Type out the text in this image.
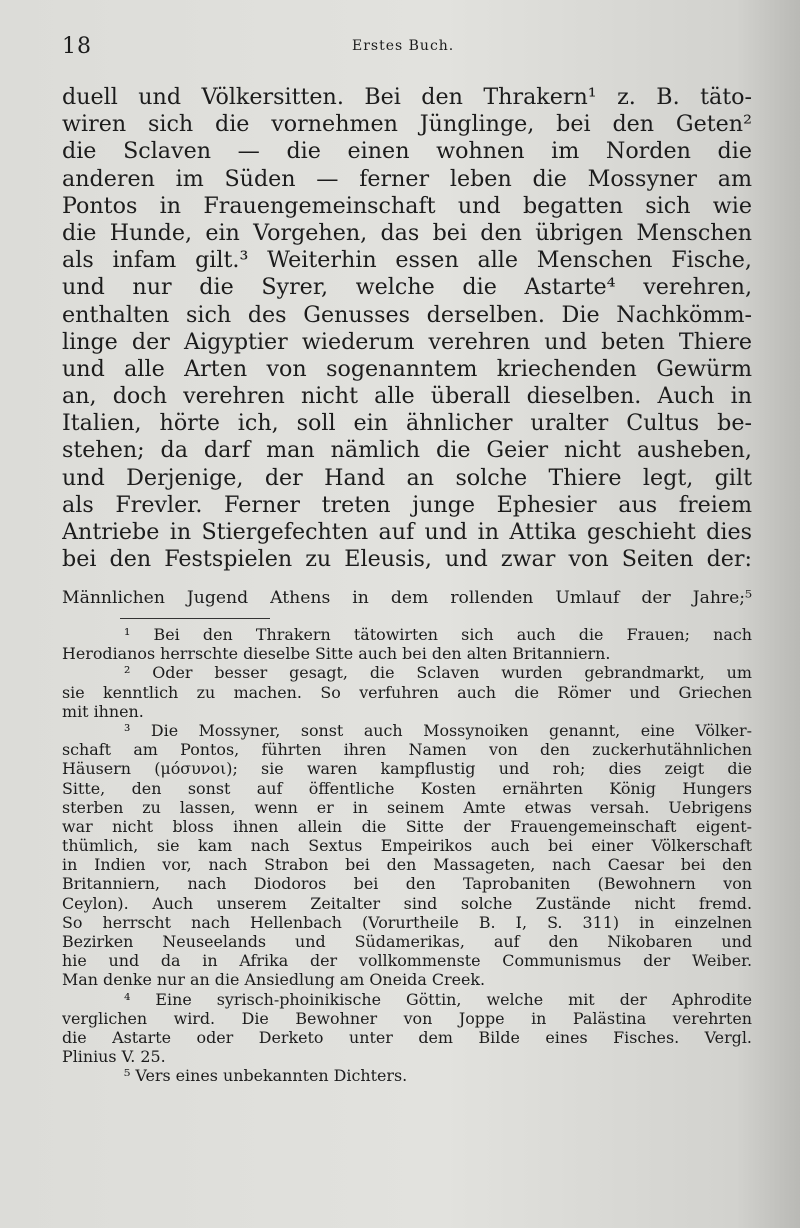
18	Erstes Buch.
duell und Völkersitten. Bei den Thrakern¹ z. B. täto-
wiren sich die vornehmen Jünglinge, bei den Geten²
die Sclaven — die einen wohnen im Norden die
anderen im Süden — ferner leben die Mossyner am
Pontos in Frauengemeinschaft und begatten sich wie
die Hunde, ein Vorgehen, das bei den übrigen Menschen
als infam gilt.³ Weiterhin essen alle Menschen Fische,
und nur die Syrer, welche die Astarte⁴ verehren,
enthalten sich des Genusses derselben. Die Nachkömm-
linge der Aigyptier wiederum verehren und beten Thiere
und alle Arten von sogenanntem kriechenden Gewürm
an, doch verehren nicht alle überall dieselben. Auch in
Italien, hörte ich, soll ein ähnlicher uralter Cultus be-
stehen; da darf man nämlich die Geier nicht ausheben,
und Derjenige, der Hand an solche Thiere legt, gilt
als Frevler. Ferner treten junge Ephesier aus freiem
Antriebe in Stiergefechten auf und in Attika geschieht dies
bei den Festspielen zu Eleusis, und zwar von Seiten der:
Männlichen Jugend Athens in dem rollenden Umlauf der Jahre;⁵
¹ Bei den Thrakern tätowirten sich auch die Frauen; nach
Herodianos herrschte dieselbe Sitte auch bei den alten Britanniern.
² Oder besser gesagt, die Sclaven wurden gebrandmarkt, um
sie kenntlich zu machen. So verfuhren auch die Römer und Griechen
mit ihnen.
³ Die Mossyner, sonst auch Mossynoiken genannt, eine Völker-
schaft am Pontos, führten ihren Namen von den zuckerhutähnlichen
Häusern (μόσυνοι); sie waren kampflustig und roh; dies zeigt die
Sitte, den sonst auf öffentliche Kosten ernährten König Hungers
sterben zu lassen, wenn er in seinem Amte etwas versah. Uebrigens
war nicht bloss ihnen allein die Sitte der Frauengemeinschaft eigent-
thümlich, sie kam nach Sextus Empeirikos auch bei einer Völkerschaft
in Indien vor, nach Strabon bei den Massageten, nach Caesar bei den
Britanniern, nach Diodoros bei den Taprobaniten (Bewohnern von
Ceylon). Auch unserem Zeitalter sind solche Zustände nicht fremd.
So herrscht nach Hellenbach (Vorurtheile B. I, S. 311) in einzelnen
Bezirken Neuseelands und Südamerikas, auf den Nikobaren und
hie und da in Afrika der vollkommenste Communismus der Weiber.
Man denke nur an die Ansiedlung am Oneida Creek.
⁴ Eine syrisch-phoinikische Göttin, welche mit der Aphrodite
verglichen wird. Die Bewohner von Joppe in Palästina verehrten
die Astarte oder Derketo unter dem Bilde eines Fisches. Vergl.
Plinius V. 25.
⁵ Vers eines unbekannten Dichters.
